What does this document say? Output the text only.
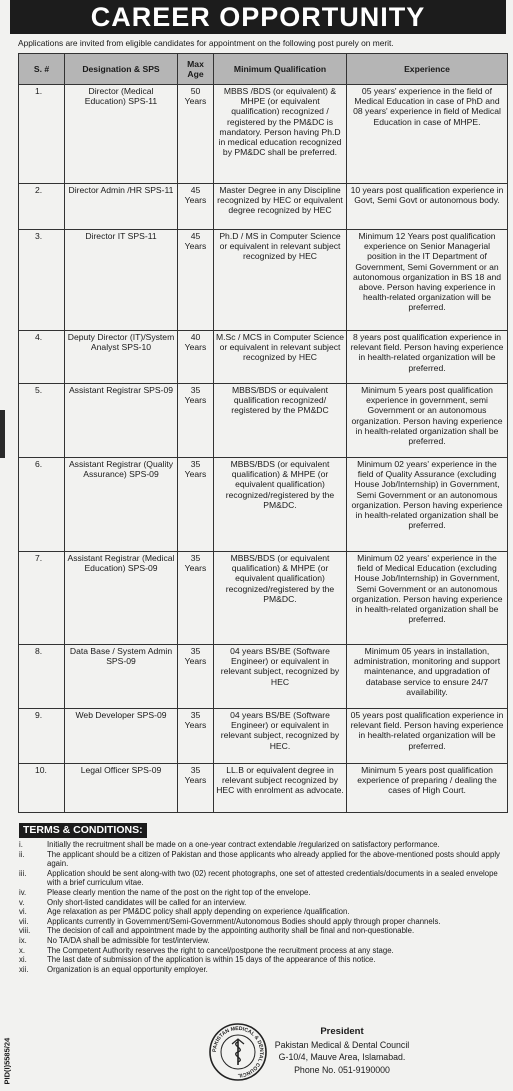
CAREER OPPORTUNITY
Applications are invited from eligible candidates for appointment on the following post purely on merit.
S. #	Designation & SPS	Max Age	Minimum Qualification	Experience
1.	Director (Medical Education) SPS-11	50 Years	MBBS /BDS (or equivalent) & MHPE (or equivalent qualification) recognized / registered by the PM&DC is mandatory. Person having Ph.D in medical education recognized by PM&DC shall be preferred.	05 years' experience in the field of Medical Education in case of PhD and 08 years' experience in field of Medical Education in case of MHPE.
2.	Director Admin /HR SPS-11	45 Years	Master Degree in any Discipline recognized by HEC or equivalent degree recognized by HEC	10 years post qualification experience in Govt, Semi Govt or autonomous body.
3.	Director IT SPS-11	45 Years	Ph.D / MS in Computer Science or equivalent in relevant subject recognized by HEC	Minimum 12 Years post qualification experience on Senior Managerial position in the IT Department of Government, Semi Government or an autonomous organization in BS 18 and above. Person having experience in health-related organization will be preferred.
4.	Deputy Director (IT)/System Analyst SPS-10	40 Years	M.Sc / MCS in Computer Science or equivalent in relevant subject recognized by HEC	8 years post qualification experience in relevant field. Person having experience in health-related organization will be preferred.
5.	Assistant Registrar SPS-09	35 Years	MBBS/BDS or equivalent qualification recognized/ registered by the PM&DC	Minimum 5 years post qualification experience in government, semi Government or an autonomous organization. Person having experience in health-related organization shall be preferred.
6.	Assistant Registrar (Quality Assurance) SPS-09	35 Years	MBBS/BDS (or equivalent qualification) & MHPE (or equivalent qualification) recognized/registered by the PM&DC.	Minimum 02 years' experience in the field of Quality Assurance (excluding House Job/Internship) in Government, Semi Government or an autonomous organization. Person having experience in health-related organization shall be preferred.
7.	Assistant Registrar (Medical Education) SPS-09	35 Years	MBBS/BDS (or equivalent qualification) & MHPE (or equivalent qualification) recognized/registered by the PM&DC.	Minimum 02 years' experience in the field of Medical Education (excluding House Job/Internship) in Government, Semi Government or an autonomous organization. Person having experience in health-related organization shall be preferred.
8.	Data Base / System Admin SPS-09	35 Years	04 years BS/BE (Software Engineer) or equivalent in relevant subject, recognized by HEC	Minimum 05 years in installation, administration, monitoring and support maintenance, and upgradation of database service to ensure 24/7 availability.
9.	Web Developer SPS-09	35 Years	04 years BS/BE (Software Engineer) or equivalent in relevant subject, recognized by HEC.	05 years post qualification experience in relevant field. Person having experience in health-related organization will be preferred.
10.	Legal Officer SPS-09	35 Years	LL.B or equivalent degree in relevant subject recognized by HEC with enrolment as advocate.	Minimum 5 years post qualification experience of preparing / dealing the cases of High Court.
TERMS & CONDITIONS:
i.	Initially the recruitment shall be made on a one-year contract extendable /regularized on satisfactory performance.
ii.	The applicant should be a citizen of Pakistan and those applicants who already applied for the above-mentioned posts should apply again.
iii.	Application should be sent along-with two (02) recent photographs, one set of attested credentials/documents in a sealed envelope with a brief curriculum vitae.
iv.	Please clearly mention the name of the post on the right top of the envelope.
v.	Only short-listed candidates will be called for an interview.
vi.	Age relaxation as per PM&DC policy shall apply depending on experience /qualification.
vii. Applicants currently in Government/Semi-Government/Autonomous Bodies should apply through proper channels.
viii. The decision of call and appointment made by the appointing authority shall be final and non-questionable.
ix.	No TA/DA shall be admissible for test/interview.
x.	The Competent Authority reserves the right to cancel/postpone the recruitment process at any stage.
xi.	The last date of submission of the application is within 15 days of the appearance of this notice.
xii. Organization is an equal opportunity employer.
PID(I)5585/24	PAKISTAN MEDICAL & DENTAL COUNCIL
President
Pakistan Medical & Dental Council
G-10/4, Mauve Area, Islamabad.
Phone No. 051-9190000
